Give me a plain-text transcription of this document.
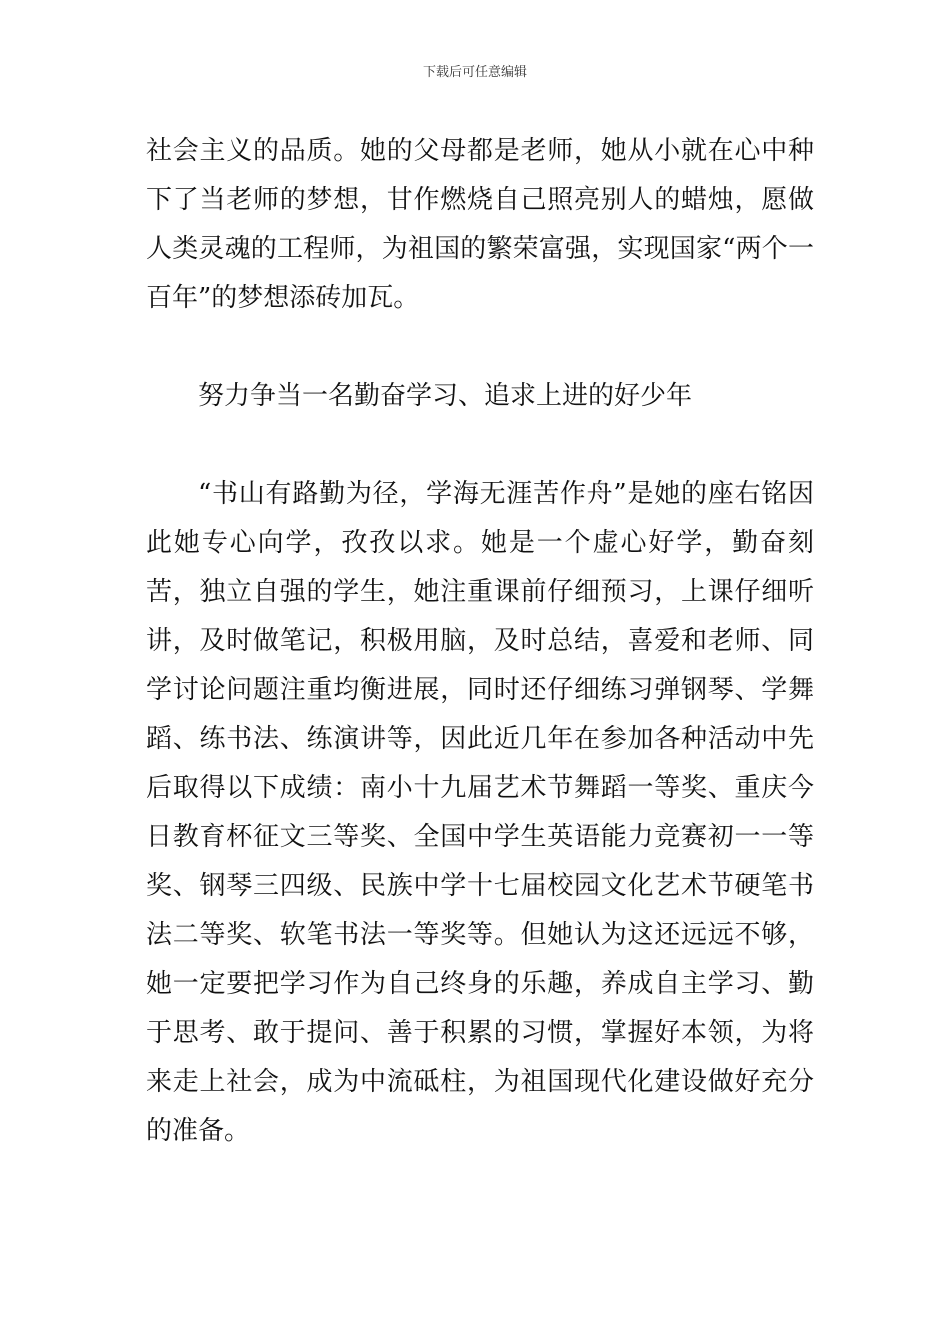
下载后可任意编辑

社会主义的品质。她的父母都是老师，她从小就在心中种下了当老师的梦想，甘作燃烧自己照亮别人的蜡烛，愿做人类灵魂的工程师，为祖国的繁荣富强，实现国家“两个一百年”的梦想添砖加瓦。

努力争当一名勤奋学习、追求上进的好少年

“书山有路勤为径，学海无涯苦作舟”是她的座右铭因此她专心向学，孜孜以求。她是一个虚心好学，勤奋刻苦，独立自强的学生，她注重课前仔细预习，上课仔细听讲，及时做笔记，积极用脑，及时总结，喜爱和老师、同学讨论问题注重均衡进展，同时还仔细练习弹钢琴、学舞蹈、练书法、练演讲等，因此近几年在参加各种活动中先后取得以下成绩：南小十九届艺术节舞蹈一等奖、重庆今日教育杯征文三等奖、全国中学生英语能力竞赛初一一等奖、钢琴三四级、民族中学十七届校园文化艺术节硬笔书法二等奖、软笔书法一等奖等。但她认为这还远远不够，她一定要把学习作为自己终身的乐趣，养成自主学习、勤于思考、敢于提问、善于积累的习惯，掌握好本领，为将来走上社会，成为中流砥柱，为祖国现代化建设做好充分的准备。
